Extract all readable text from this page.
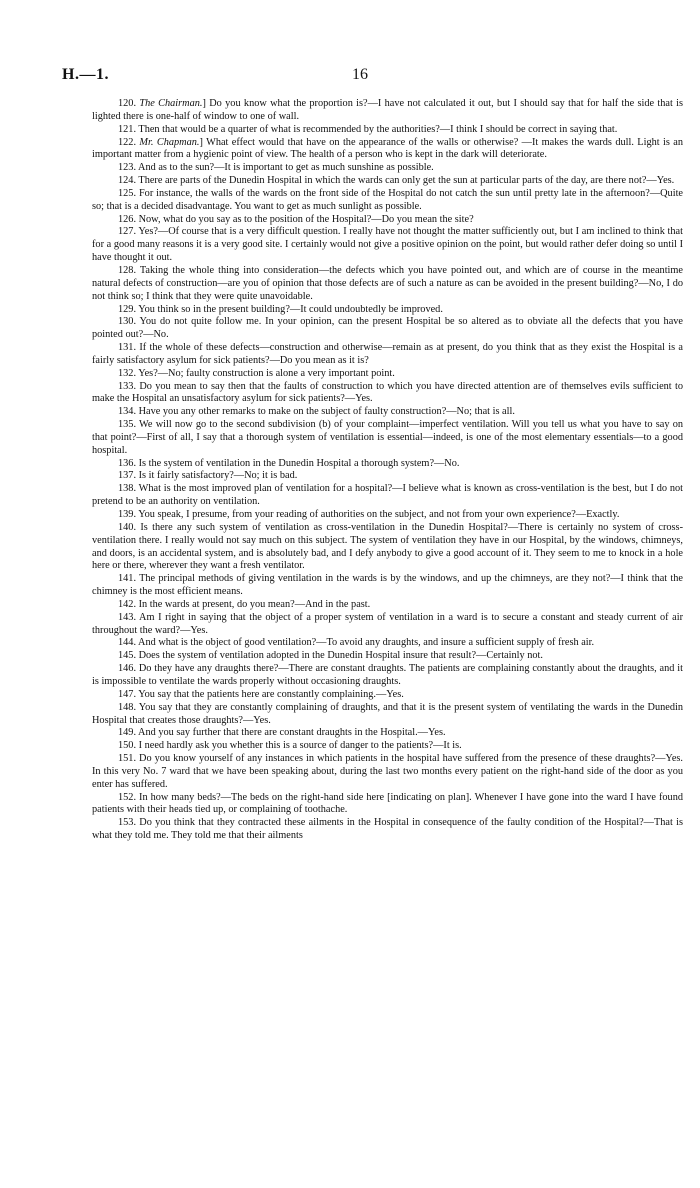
H.—1.	16

120. The Chairman.] Do you know what the proportion is?—I have not calculated it out, but I should say that for half the side that is lighted there is one-half of window to one of wall.

121. Then that would be a quarter of what is recommended by the authorities?—I think I should be correct in saying that.

122. Mr. Chapman.] What effect would that have on the appearance of the walls or otherwise? —It makes the wards dull. Light is an important matter from a hygienic point of view. The health of a person who is kept in the dark will deteriorate.

123. And as to the sun?—It is important to get as much sunshine as possible.

124. There are parts of the Dunedin Hospital in which the wards can only get the sun at particular parts of the day, are there not?—Yes.

125. For instance, the walls of the wards on the front side of the Hospital do not catch the sun until pretty late in the afternoon?—Quite so; that is a decided disadvantage. You want to get as much sunlight as possible.

126. Now, what do you say as to the position of the Hospital?—Do you mean the site?

127. Yes?—Of course that is a very difficult question. I really have not thought the matter sufficiently out, but I am inclined to think that for a good many reasons it is a very good site. I certainly would not give a positive opinion on the point, but would rather defer doing so until I have thought it out.

128. Taking the whole thing into consideration—the defects which you have pointed out, and which are of course in the meantime natural defects of construction—are you of opinion that those defects are of such a nature as can be avoided in the present building?—No, I do not think so; I think that they were quite unavoidable.

129. You think so in the present building?—It could undoubtedly be improved.

130. You do not quite follow me. In your opinion, can the present Hospital be so altered as to obviate all the defects that you have pointed out?—No.

131. If the whole of these defects—construction and otherwise—remain as at present, do you think that as they exist the Hospital is a fairly satisfactory asylum for sick patients?—Do you mean as it is?

132. Yes?—No; faulty construction is alone a very important point.

133. Do you mean to say then that the faults of construction to which you have directed attention are of themselves evils sufficient to make the Hospital an unsatisfactory asylum for sick patients?—Yes.

134. Have you any other remarks to make on the subject of faulty construction?—No; that is all.

135. We will now go to the second subdivision (b) of your complaint—imperfect ventilation. Will you tell us what you have to say on that point?—First of all, I say that a thorough system of ventilation is essential—indeed, is one of the most elementary essentials—to a good hospital.

136. Is the system of ventilation in the Dunedin Hospital a thorough system?—No.

137. Is it fairly satisfactory?—No; it is bad.

138. What is the most improved plan of ventilation for a hospital?—I believe what is known as cross-ventilation is the best, but I do not pretend to be an authority on ventilation.

139. You speak, I presume, from your reading of authorities on the subject, and not from your own experience?—Exactly.

140. Is there any such system of ventilation as cross-ventilation in the Dunedin Hospital?—There is certainly no system of cross-ventilation there. I really would not say much on this subject. The system of ventilation they have in our Hospital, by the windows, chimneys, and doors, is an accidental system, and is absolutely bad, and I defy anybody to give a good account of it. They seem to me to knock in a hole here or there, wherever they want a fresh ventilator.

141. The principal methods of giving ventilation in the wards is by the windows, and up the chimneys, are they not?—I think that the chimney is the most efficient means.

142. In the wards at present, do you mean?—And in the past.

143. Am I right in saying that the object of a proper system of ventilation in a ward is to secure a constant and steady current of air throughout the ward?—Yes.

144. And what is the object of good ventilation?—To avoid any draughts, and insure a sufficient supply of fresh air.

145. Does the system of ventilation adopted in the Dunedin Hospital insure that result?—Certainly not.

146. Do they have any draughts there?—There are constant draughts. The patients are complaining constantly about the draughts, and it is impossible to ventilate the wards properly without occasioning draughts.

147. You say that the patients here are constantly complaining.—Yes.

148. You say that they are constantly complaining of draughts, and that it is the present system of ventilating the wards in the Dunedin Hospital that creates those draughts?—Yes.

149. And you say further that there are constant draughts in the Hospital.—Yes.

150. I need hardly ask you whether this is a source of danger to the patients?—It is.

151. Do you know yourself of any instances in which patients in the hospital have suffered from the presence of these draughts?—Yes. In this very No. 7 ward that we have been speaking about, during the last two months every patient on the right-hand side of the door as you enter has suffered.

152. In how many beds?—The beds on the right-hand side here [indicating on plan]. Whenever I have gone into the ward I have found patients with their heads tied up, or complaining of toothache.

153. Do you think that they contracted these ailments in the Hospital in consequence of the faulty condition of the Hospital?—That is what they told me. They told me that their ailments
